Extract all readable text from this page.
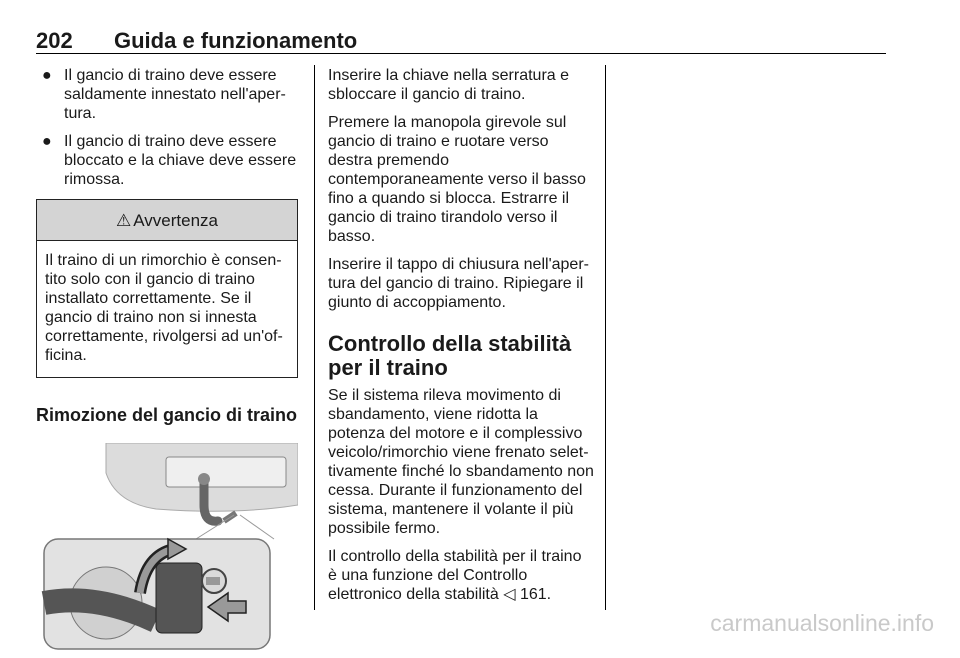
202 Guida e funzionamento
● Il gancio di traino deve essere saldamente innestato nell'aper-tura.
● Il gancio di traino deve essere bloccato e la chiave deve essere rimossa.
⚠ Avvertenza
Il traino di un rimorchio è consen-tito solo con il gancio di traino installato correttamente. Se il gancio di traino non si innesta correttamente, rivolgersi ad un'of-ficina.
Rimozione del gancio di traino

Inserire la chiave nella serratura e sbloccare il gancio di traino.

Premere la manopola girevole sul gancio di traino e ruotare verso destra premendo contemporaneamente verso il basso fino a quando si blocca. Estrarre il gancio di traino tirandolo verso il basso.

Inserire il tappo di chiusura nell'aper-tura del gancio di traino. Ripiegare il giunto di accoppiamento.

Controllo della stabilità per il traino

Se il sistema rileva movimento di sbandamento, viene ridotta la potenza del motore e il complessivo veicolo/rimorchio viene frenato selet-tivamente finché lo sbandamento non cessa. Durante il funzionamento del sistema, mantenere il volante il più possibile fermo.

Il controllo della stabilità per il traino è una funzione del Controllo elettronico della stabilità ◁ 161.

carmanualsonline.info
